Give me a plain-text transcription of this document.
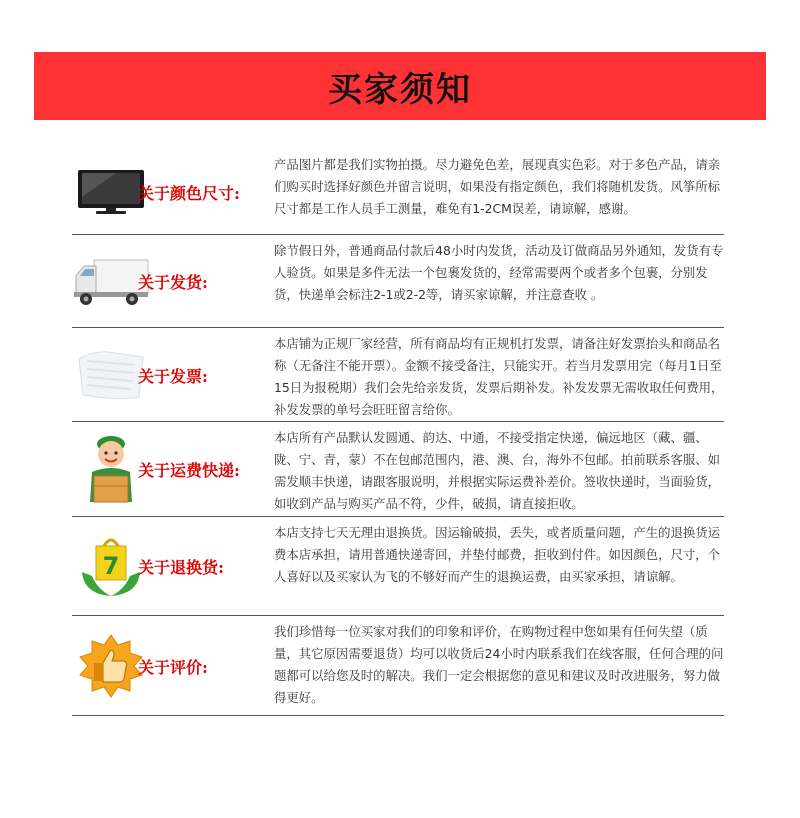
买家须知
关于颜色尺寸:
产品图片都是我们实物拍摄。尽力避免色差，展现真实色彩。对于多色产品，请亲们购买时选择好颜色并留言说明，如果没有指定颜色，我们将随机发货。风筝所标尺寸都是工作人员手工测量，难免有1-2CM误差，请谅解，感谢。
关于发货:
除节假日外，普通商品付款后48小时内发货，活动及订做商品另外通知，发货有专人验货。如果是多件无法一个包裹发货的，经常需要两个或者多个包裹，分别发货，快递单会标注2-1或2-2等，请买家谅解，并注意查收 。
关于发票:
本店铺为正规厂家经营，所有商品均有正规机打发票，请备注好发票抬头和商品名称（无备注不能开票）。金额不接受备注，只能实开。若当月发票用完（每月1日至15日为报税期）我们会先给亲发货，发票后期补发。补发发票无需收取任何费用，补发发票的单号会旺旺留言给你。
关于运费快递:
本店所有产品默认发圆通、韵达、中通，不接受指定快递，偏远地区（藏、疆、陇、宁、青，蒙）不在包邮范围内，港、澳、台，海外不包邮。拍前联系客服、如需发顺丰快递，请跟客服说明，并根据实际运费补差价。签收快递时，当面验货，如收到产品与购买产品不符，少件，破损，请直接拒收。
7 关于退换货:
本店支持七天无理由退换货。因运输破损，丢失，或者质量问题，产生的退换货运费本店承担，请用普通快递寄回，并垫付邮费，拒收到付件。如因颜色，尺寸，个人喜好以及买家认为飞的不够好而产生的退换运费，由买家承担，请谅解。
关于评价:
我们珍惜每一位买家对我们的印象和评价，在购物过程中您如果有任何失望（质量，其它原因需要退货）均可以收货后24小时内联系我们在线客服，任何合理的问题都可以给您及时的解决。我们一定会根据您的意见和建议及时改进服务，努力做得更好。
